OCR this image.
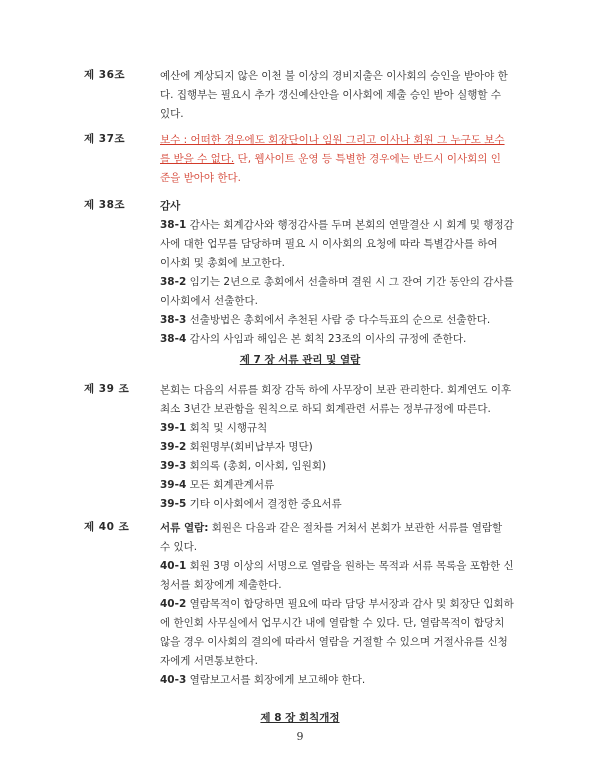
제 36조	예산에 계상되지 않은 이천 불 이상의 경비지출은 이사회의 승인을 받아야 한
다. 집행부는 필요시 추가 갱신예산안을 이사회에 제출 승인 받아 실행할 수
있다.
제 37조	보수 : 어떠한 경우에도 회장단이나 임원 그리고 이사나 회원 그 누구도 보수
를 받을 수 없다. 단, 웹사이트 운영 등 특별한 경우에는 반드시 이사회의 인
준을 받아야 한다.
제 38조	감사
38-1 감사는 회계감사와 행정감사를 두며 본회의 연말결산 시 회계 및 행정감
사에 대한 업무를 담당하며 필요 시 이사회의 요청에 따라 특별감사를 하여
이사회 및 총회에 보고한다.
38-2 임기는 2년으로 총회에서 선출하며 결원 시 그 잔여 기간 동안의 감사를
이사회에서 선출한다.
38-3 선출방법은 총회에서 추천된 사람 중 다수득표의 순으로 선출한다.
38-4 감사의 사임과 해임은 본 회칙 23조의 이사의 규정에 준한다.
제 7 장 서류 관리 및 열람
제 39 조	본회는 다음의 서류를 회장 감독 하에 사무장이 보관 관리한다. 회계연도 이후
최소 3년간 보관함을 원칙으로 하되 회계관련 서류는 정부규정에 따른다.
39-1 회칙 및 시행규칙
39-2 회원명부(회비납부자 명단)
39-3 회의록 (총회, 이사회, 임원회)
39-4 모든 회계관계서류
39-5 기타 이사회에서 결정한 중요서류
제 40 조	서류 열람: 회원은 다음과 같은 절차를 거쳐서 본회가 보관한 서류를 열람할
수 있다.
40-1 회원 3명 이상의 서명으로 열람을 원하는 목적과 서류 목록을 포함한 신
청서를 회장에게 제출한다.
40-2 열람목적이 합당하면 필요에 따라 담당 부서장과 감사 및 회장단 입회하
에 한인회 사무실에서 업무시간 내에 열람할 수 있다. 단, 열람목적이 합당치
않을 경우 이사회의 결의에 따라서 열람을 거절할 수 있으며 거절사유를 신청
자에게 서면통보한다.
40-3 열람보고서를 회장에게 보고해야 한다.
제 8 장 회칙개정
9
